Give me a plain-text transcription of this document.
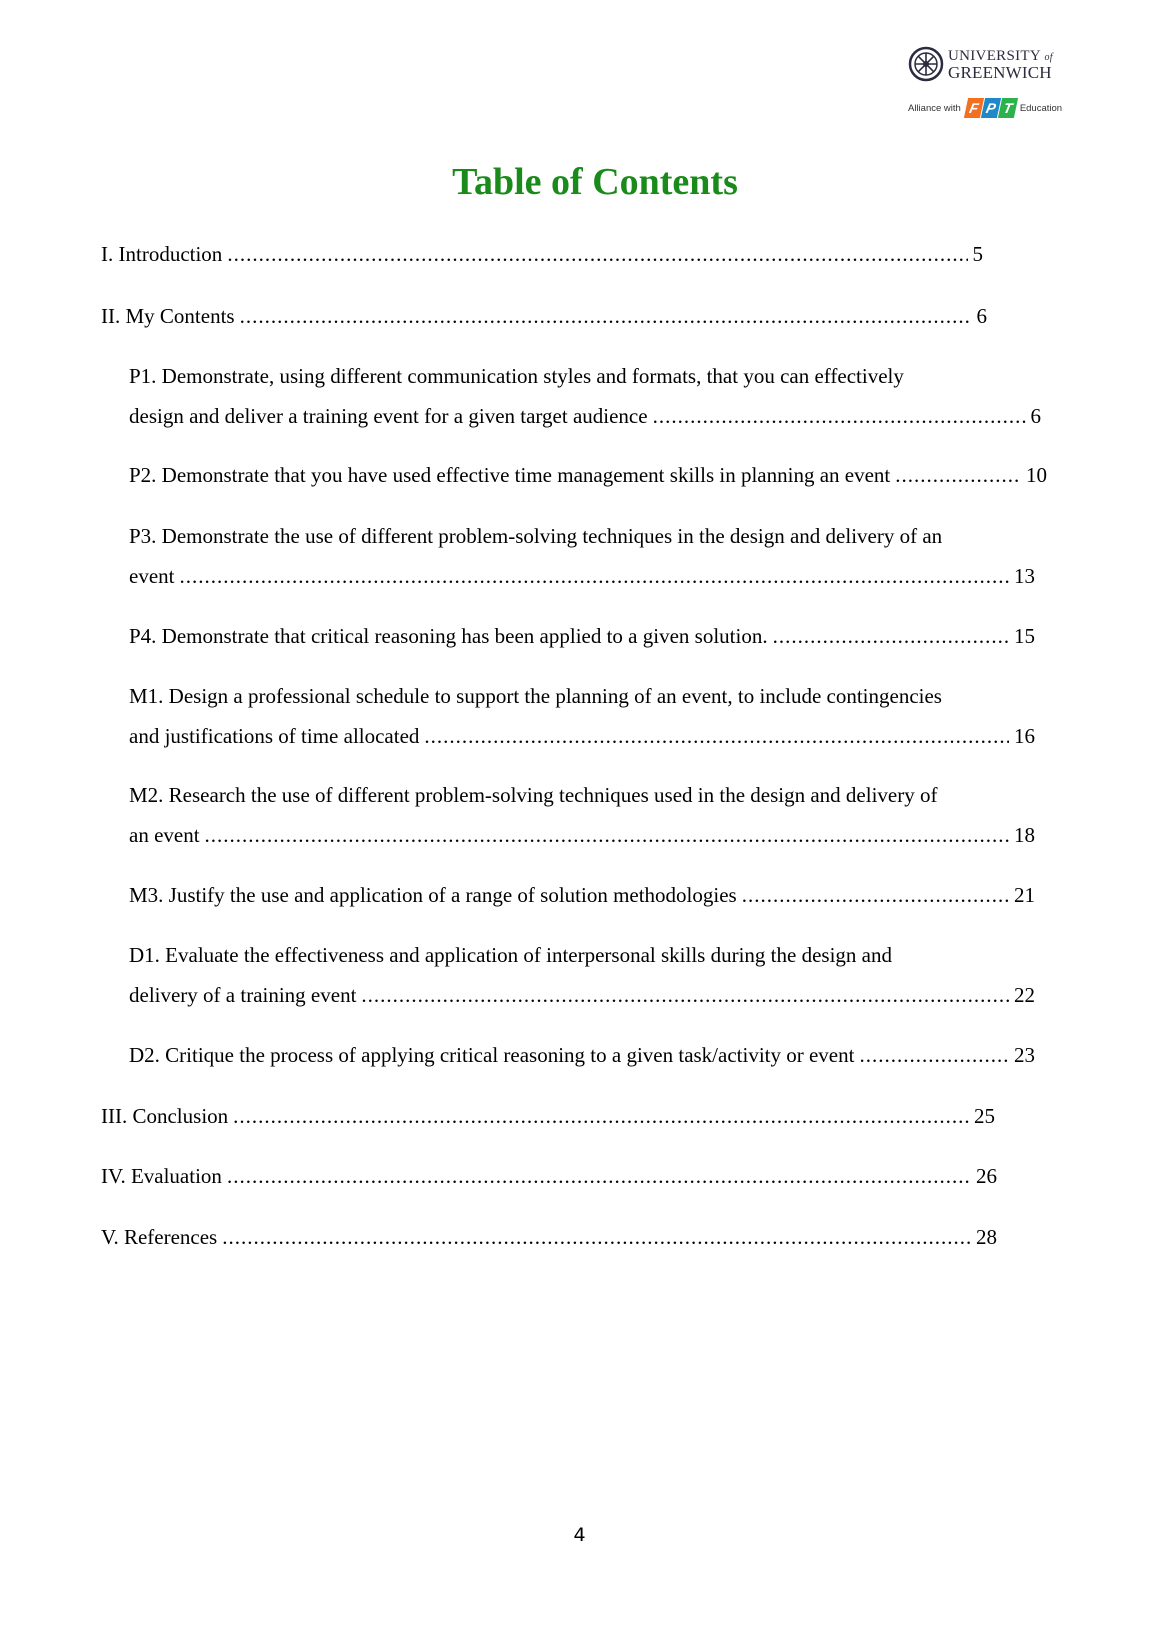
UNIVERSITY of
GREENWICH
Alliance with F P T Education
Table of Contents
I. Introduction .....	5
II. My Contents .....	6
P1. Demonstrate, using different communication styles and formats, that you can effectively
design and deliver a training event for a given target audience .....	6
P2. Demonstrate that you have used effective time management skills in planning an event .....	10
P3. Demonstrate the use of different problem-solving techniques in the design and delivery of an
event .....	13
P4. Demonstrate that critical reasoning has been applied to a given solution. .....	15
M1. Design a professional schedule to support the planning of an event, to include contingencies
and justifications of time allocated .....	16
M2. Research the use of different problem-solving techniques used in the design and delivery of
an event .....	18
M3. Justify the use and application of a range of solution methodologies .....	21
D1. Evaluate the effectiveness and application of interpersonal skills during the design and
delivery of a training event .....	22
D2. Critique the process of applying critical reasoning to a given task/activity or event .....	23
III. Conclusion .....	25
IV. Evaluation .....	26
V. References .....	28
4
